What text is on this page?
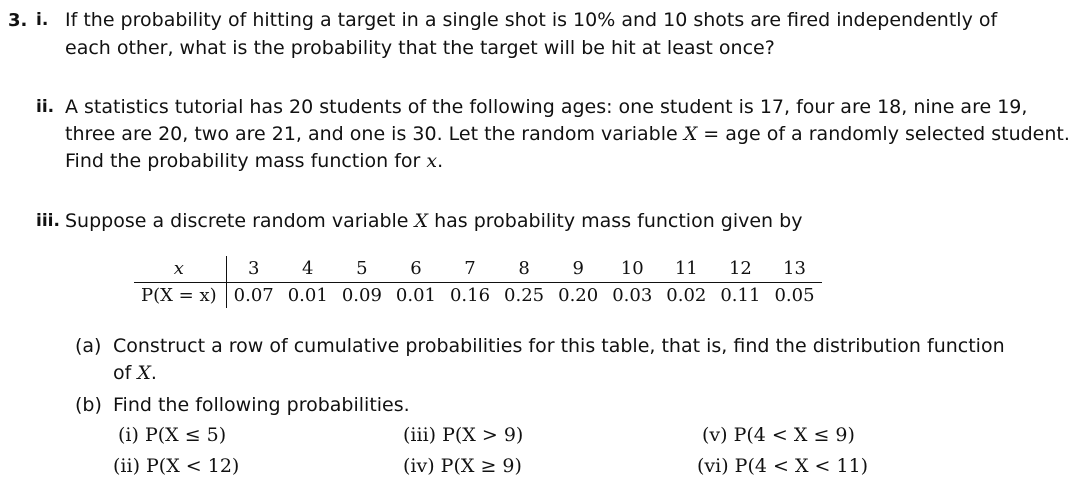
3. i. If the probability of hitting a target in a single shot is 10% and 10 shots are fired independently of
each other, what is the probability that the target will be hit at least once?
ii. A statistics tutorial has 20 students of the following ages: one student is 17, four are 18, nine are 19,
three are 20, two are 21, and one is 30. Let the random variable X = age of a randomly selected student.
Find the probability mass function for x.
iii. Suppose a discrete random variable X has probability mass function given by
x	3	4	5	6	7	8	9	10	11	12	13
P(X = x)	0.07	0.01	0.09	0.01	0.16	0.25	0.20	0.03	0.02	0.11	0.05
(a) Construct a row of cumulative probabilities for this table, that is, find the distribution function
of X.
(b) Find the following probabilities.
(i) P(X ≤ 5)
(ii) P(X < 12)
(iii) P(X > 9)
(iv) P(X ≥ 9)
(v) P(4 < X ≤ 9)
(vi) P(4 < X < 11)
